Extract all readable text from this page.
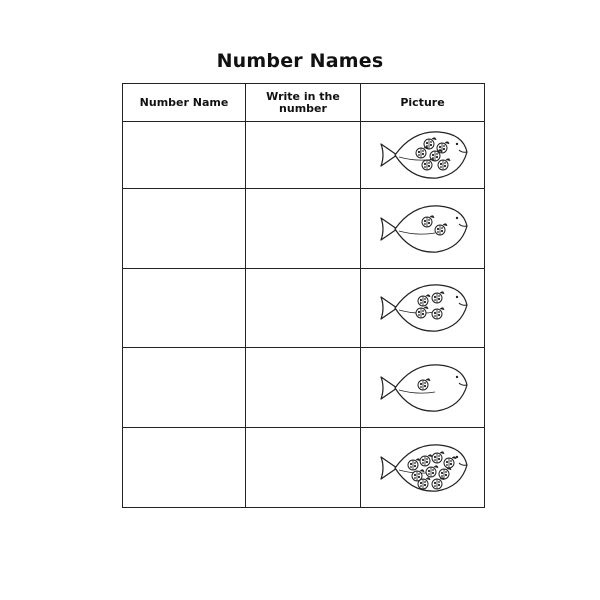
Number Names
Number Name	Write in the number	Picture
